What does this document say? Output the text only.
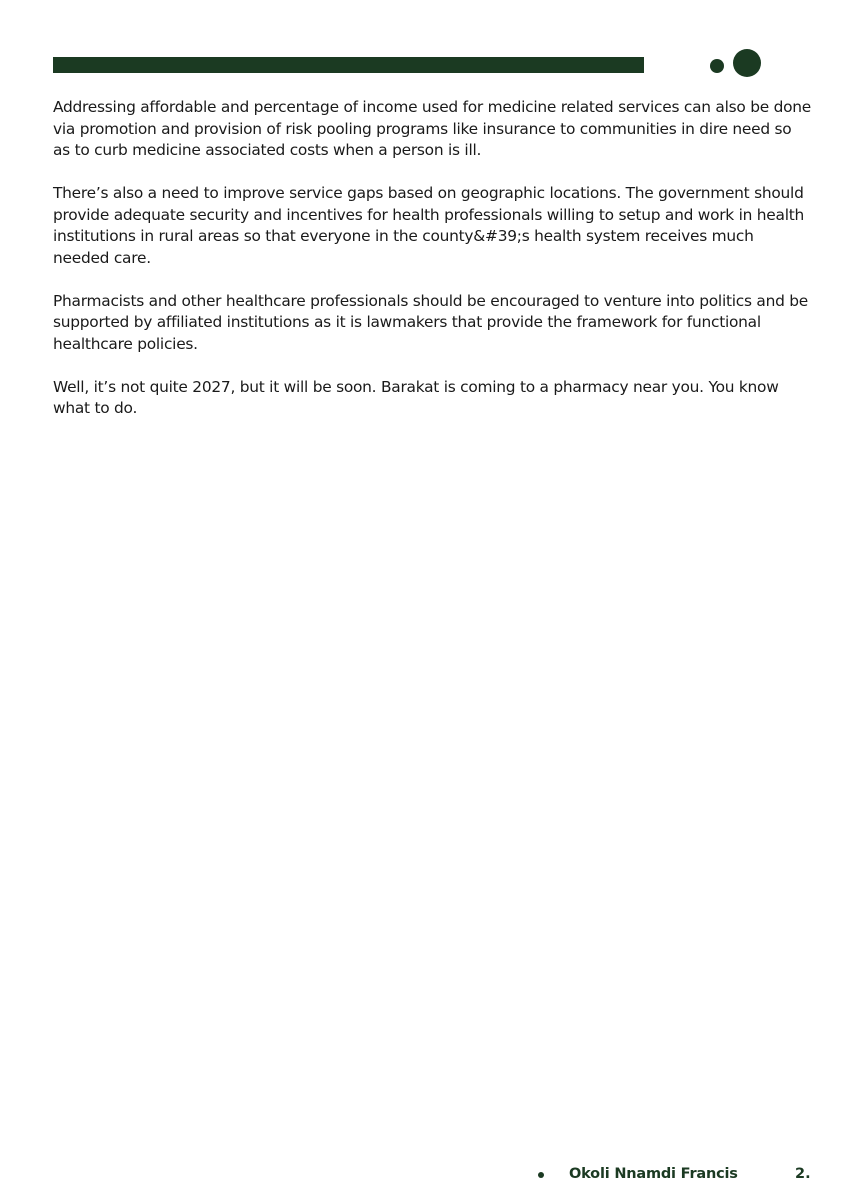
Addressing affordable and percentage of income used for medicine related services can also be done via promotion and provision of risk pooling programs like insurance to communities in dire need so as to curb medicine associated costs when a person is ill.

There’s also a need to improve service gaps based on geographic locations. The government should provide adequate security and incentives for health professionals willing to setup and work in health institutions in rural areas so that everyone in the county&#39;s health system receives much needed care.

Pharmacists and other healthcare professionals should be encouraged to venture into politics and be supported by affiliated institutions as it is lawmakers that provide the framework for functional healthcare policies.

Well, it’s not quite 2027, but it will be soon. Barakat is coming to a pharmacy near you. You know what to do.

Okoli Nnamdi Francis	2.
